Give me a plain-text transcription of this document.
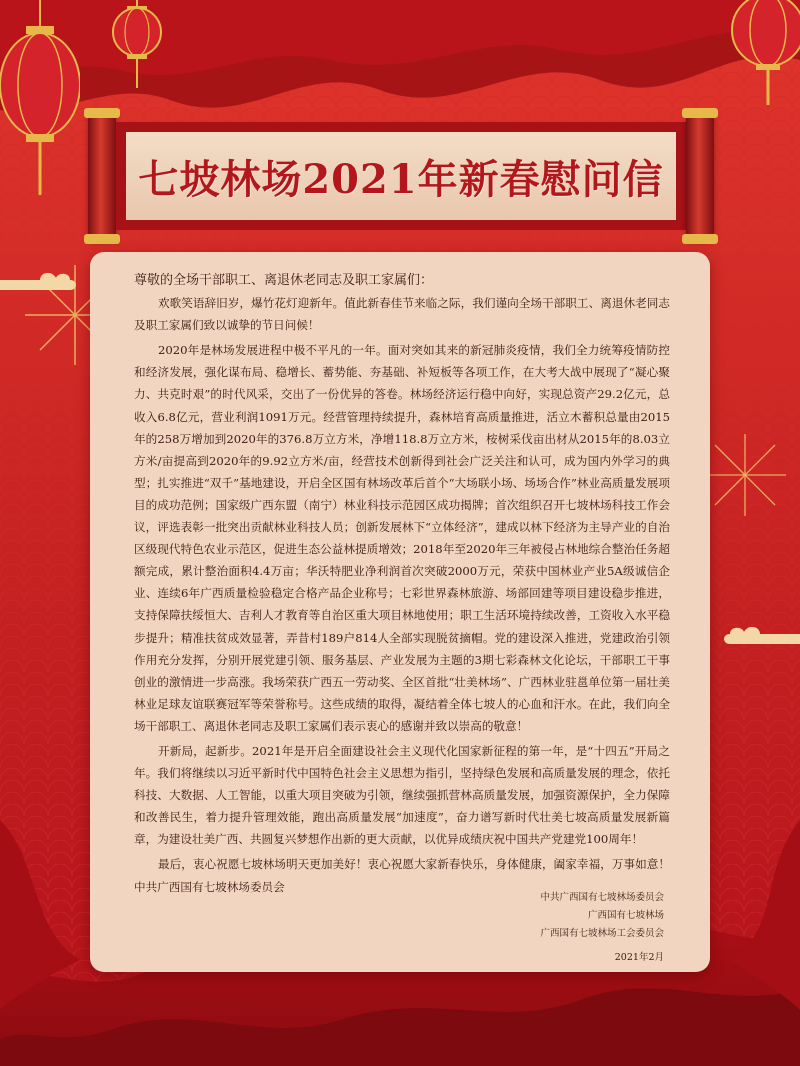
七坡林场2021年新春慰问信

尊敬的全场干部职工、离退休老同志及职工家属们：

欢歌笑语辞旧岁，爆竹花灯迎新年。值此新春佳节来临之际，我们谨向全场干部职工、离退休老同志及职工家属们致以诚挚的节日问候！

2020年是林场发展进程中极不平凡的一年。面对突如其来的新冠肺炎疫情，我们全力统筹疫情防控和经济发展，强化谋布局、稳增长、蓄势能、夯基础、补短板等各项工作，在大考大战中展现了“凝心聚力、共克时艰”的时代风采，交出了一份优异的答卷。林场经济运行稳中向好，实现总资产29.2亿元，总收入6.8亿元，营业利润1091万元。经营管理持续提升，森林培育高质量推进，活立木蓄积总量由2015年的258万增加到2020年的376.8万立方米，净增118.8万立方米，桉树采伐亩出材从2015年的8.03立方米/亩提高到2020年的9.92立方米/亩，经营技术创新得到社会广泛关注和认可，成为国内外学习的典型；扎实推进“双千”基地建设，开启全区国有林场改革后首个“大场联小场、场场合作”林业高质量发展项目的成功范例；国家级广西东盟（南宁）林业科技示范园区成功揭牌；首次组织召开七坡林场科技工作会议，评选表彰一批突出贡献林业科技人员；创新发展林下“立体经济”，建成以林下经济为主导产业的自治区级现代特色农业示范区，促进生态公益林提质增效；2018年至2020年三年被侵占林地综合整治任务超额完成，累计整治面积4.4万亩；华沃特肥业净利润首次突破2000万元，荣获中国林业产业5A级诚信企业、连续6年广西质量检验稳定合格产品企业称号；七彩世界森林旅游、场部回建等项目建设稳步推进，支持保障扶绥恒大、吉利人才教育等自治区重大项目林地使用；职工生活环境持续改善，工资收入水平稳步提升；精准扶贫成效显著，弄昔村189户814人全部实现脱贫摘帽。党的建设深入推进，党建政治引领作用充分发挥，分别开展党建引领、服务基层、产业发展为主题的3期七彩森林文化论坛，干部职工干事创业的激情进一步高涨。我场荣获广西五一劳动奖、全区首批“壮美林场”、广西林业驻邕单位第一届壮美林业足球友谊联赛冠军等荣誉称号。这些成绩的取得，凝结着全体七坡人的心血和汗水。在此，我们向全场干部职工、离退休老同志及职工家属们表示衷心的感谢并致以崇高的敬意！

开新局，起新步。2021年是开启全面建设社会主义现代化国家新征程的第一年，是“十四五”开局之年。我们将继续以习近平新时代中国特色社会主义思想为指引，坚持绿色发展和高质量发展的理念，依托科技、大数据、人工智能，以重大项目突破为引领，继续强抓营林高质量发展，加强资源保护，全力保障和改善民生，着力提升管理效能，跑出高质量发展“加速度”，奋力谱写新时代壮美七坡高质量发展新篇章，为建设壮美广西、共圆复兴梦想作出新的更大贡献，以优异成绩庆祝中国共产党建党100周年！

最后，衷心祝愿七坡林场明天更加美好！衷心祝愿大家新春快乐，身体健康，阖家幸福，万事如意！中共广西国有七坡林场委员会

中共广西国有七坡林场委员会
广西国有七坡林场
广西国有七坡林场工会委员会
2021年2月
